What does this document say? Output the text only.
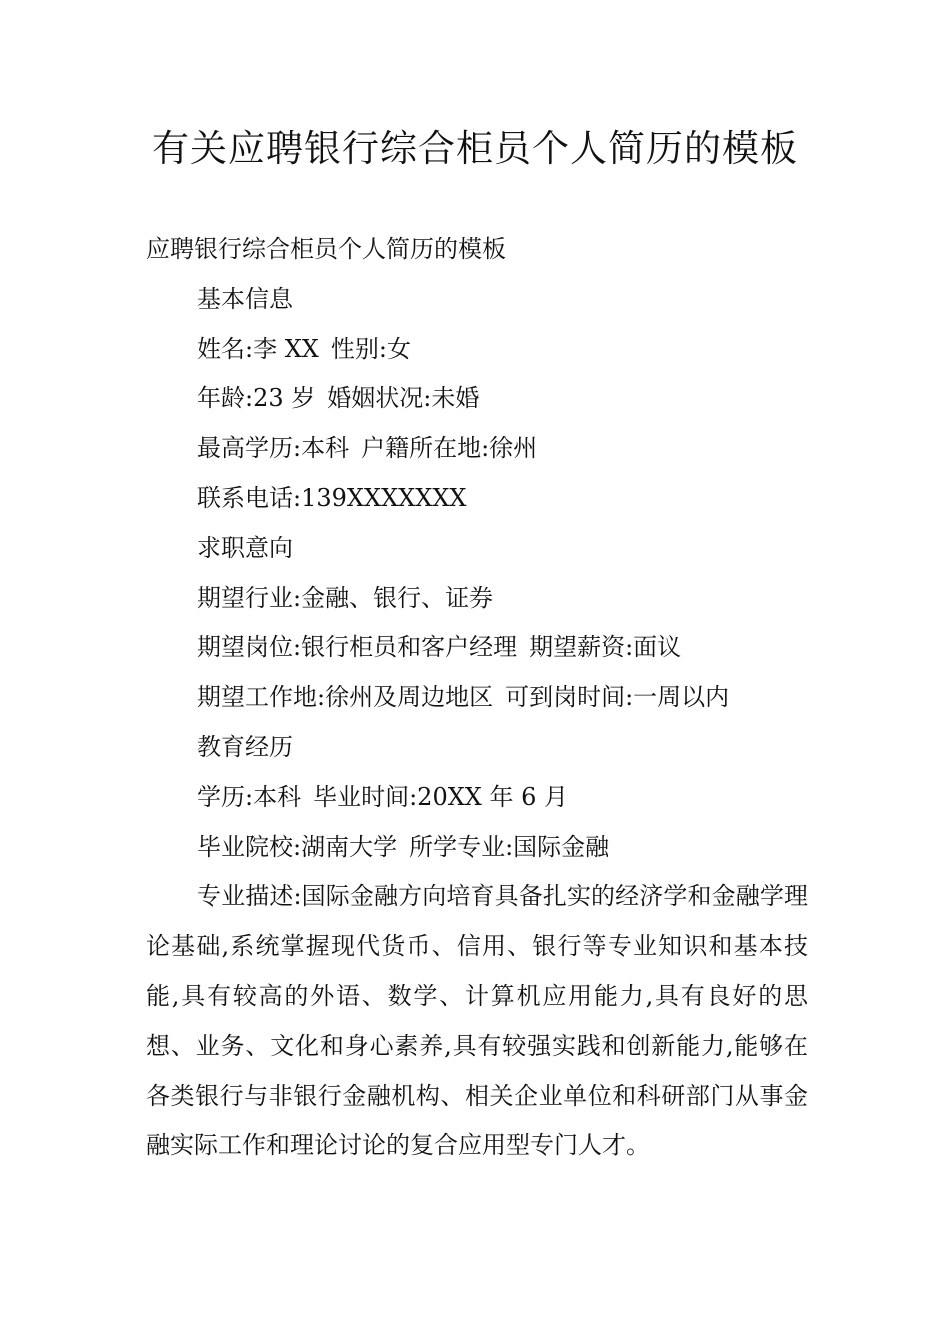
有关应聘银行综合柜员个人简历的模板
应聘银行综合柜员个人简历的模板
基本信息
姓名:李 XX 性别:女
年龄:23 岁 婚姻状况:未婚
最高学历:本科 户籍所在地:徐州
联系电话:139XXXXXXX
求职意向
期望行业:金融、银行、证券
期望岗位:银行柜员和客户经理 期望薪资:面议
期望工作地:徐州及周边地区 可到岗时间:一周以内
教育经历
学历:本科 毕业时间:20XX 年 6 月
毕业院校:湖南大学 所学专业:国际金融

专业描述:国际金融方向培育具备扎实的经济学和金融学理论基础,系统掌握现代货币、信用、银行等专业知识和基本技能,具有较高的外语、数学、计算机应用能力,具有良好的思想、业务、文化和身心素养,具有较强实践和创新能力,能够在各类银行与非银行金融机构、相关企业单位和科研部门从事金融实际工作和理论讨论的复合应用型专门人才。
